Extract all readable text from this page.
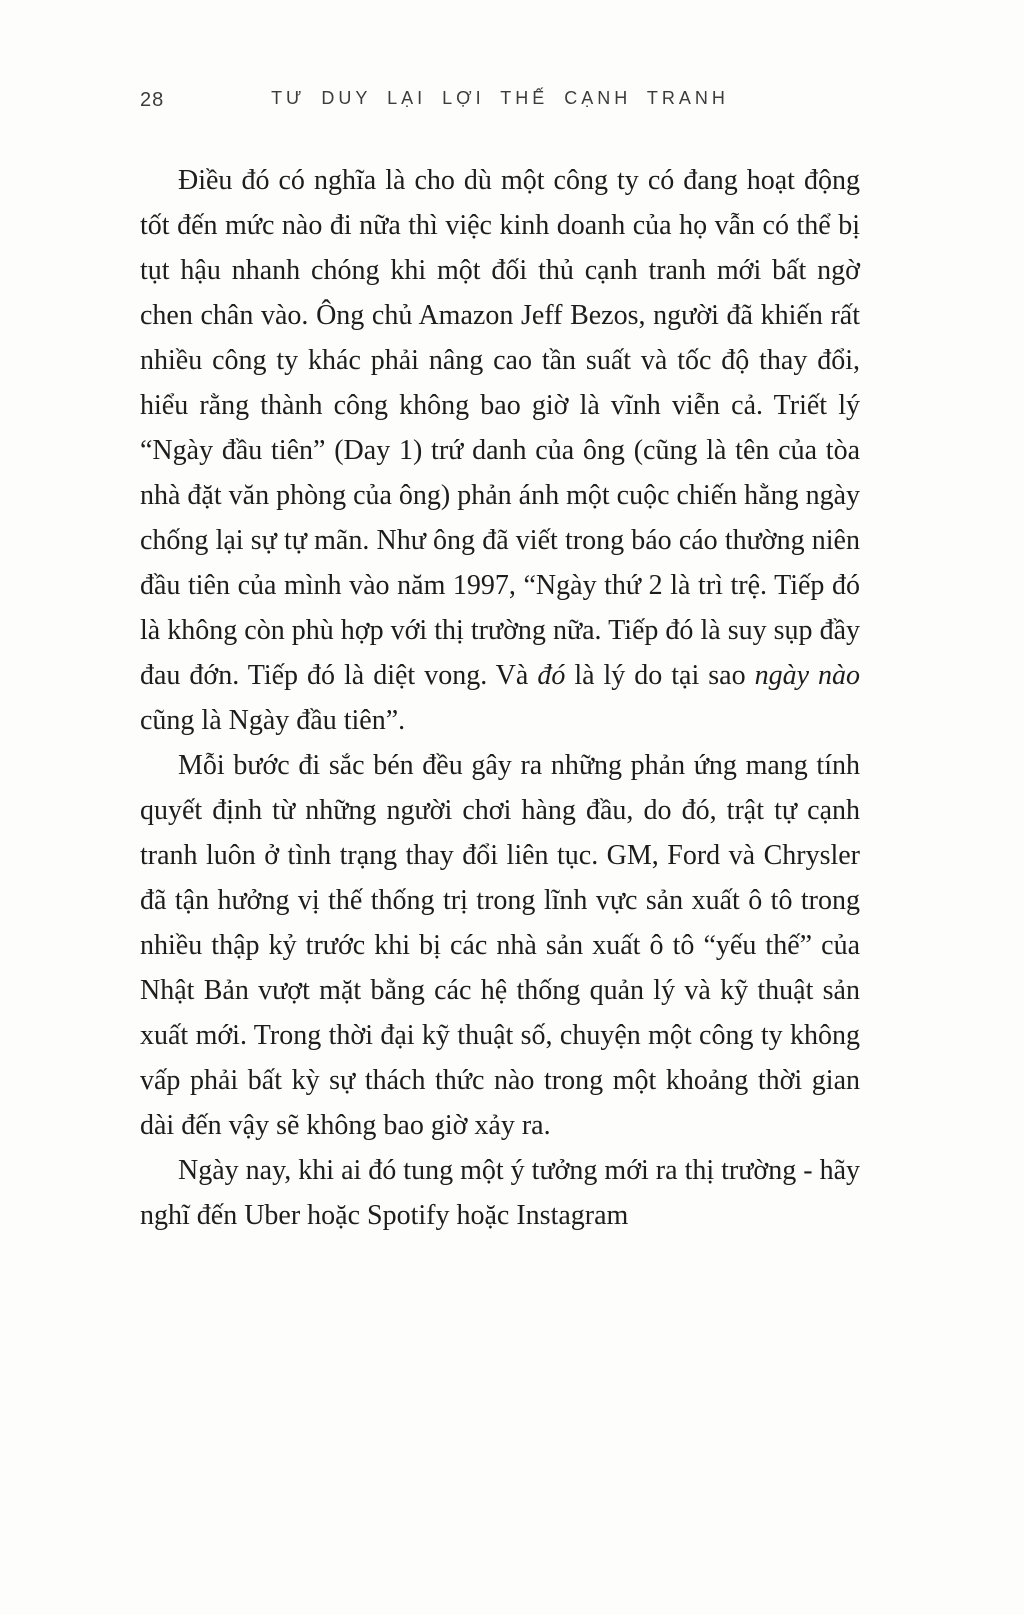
28	TƯ DUY LẠI LỢI THẾ CẠNH TRANH

Điều đó có nghĩa là cho dù một công ty có đang hoạt động tốt đến mức nào đi nữa thì việc kinh doanh của họ vẫn có thể bị tụt hậu nhanh chóng khi một đối thủ cạnh tranh mới bất ngờ chen chân vào. Ông chủ Amazon Jeff Bezos, người đã khiến rất nhiều công ty khác phải nâng cao tần suất và tốc độ thay đổi, hiểu rằng thành công không bao giờ là vĩnh viễn cả. Triết lý “Ngày đầu tiên” (Day 1) trứ danh của ông (cũng là tên của tòa nhà đặt văn phòng của ông) phản ánh một cuộc chiến hằng ngày chống lại sự tự mãn. Như ông đã viết trong báo cáo thường niên đầu tiên của mình vào năm 1997, “Ngày thứ 2 là trì trệ. Tiếp đó là không còn phù hợp với thị trường nữa. Tiếp đó là suy sụp đầy đau đớn. Tiếp đó là diệt vong. Và đó là lý do tại sao ngày nào cũng là Ngày đầu tiên”.

Mỗi bước đi sắc bén đều gây ra những phản ứng mang tính quyết định từ những người chơi hàng đầu, do đó, trật tự cạnh tranh luôn ở tình trạng thay đổi liên tục. GM, Ford và Chrysler đã tận hưởng vị thế thống trị trong lĩnh vực sản xuất ô tô trong nhiều thập kỷ trước khi bị các nhà sản xuất ô tô “yếu thế” của Nhật Bản vượt mặt bằng các hệ thống quản lý và kỹ thuật sản xuất mới. Trong thời đại kỹ thuật số, chuyện một công ty không vấp phải bất kỳ sự thách thức nào trong một khoảng thời gian dài đến vậy sẽ không bao giờ xảy ra.

Ngày nay, khi ai đó tung một ý tưởng mới ra thị trường - hãy nghĩ đến Uber hoặc Spotify hoặc Instagram
